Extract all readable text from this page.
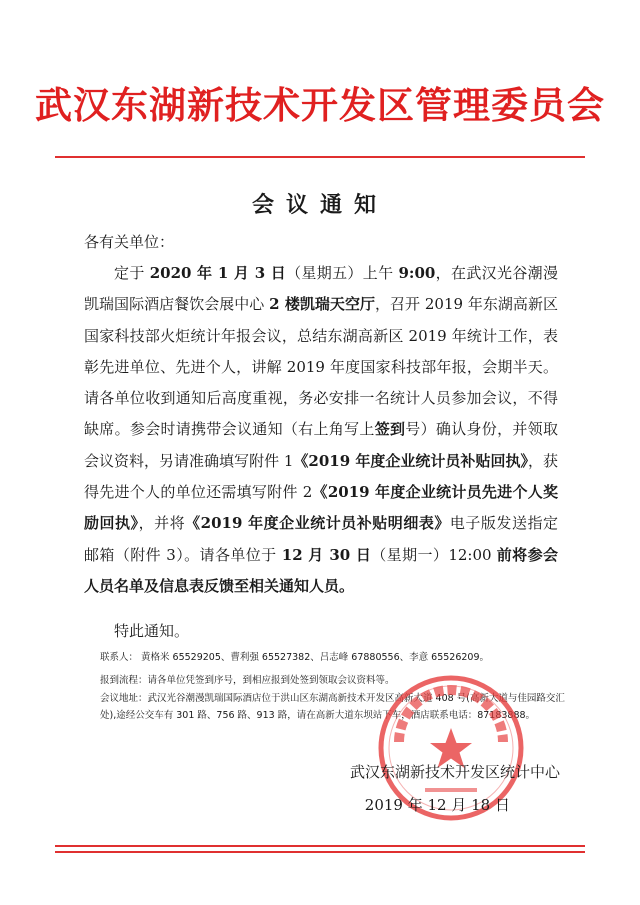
武汉东湖新技术开发区管理委员会
会议通知
各有关单位：
定于 2020 年 1 月 3 日（星期五）上午 9:00，在武汉光谷潮漫凯瑞国际酒店餐饮会展中心 2 楼凯瑞天空厅，召开 2019 年东湖高新区国家科技部火炬统计年报会议，总结东湖高新区 2019 年统计工作，表彰先进单位、先进个人，讲解 2019 年度国家科技部年报，会期半天。请各单位收到通知后高度重视，务必安排一名统计人员参加会议，不得缺席。参会时请携带会议通知（右上角写上签到号）确认身份，并领取会议资料，另请准确填写附件 1《2019 年度企业统计员补贴回执》，获得先进个人的单位还需填写附件 2《2019 年度企业统计员先进个人奖励回执》，并将《2019 年度企业统计员补贴明细表》电子版发送指定邮箱（附件 3）。请各单位于 12 月 30 日（星期一）12:00 前将参会人员名单及信息表反馈至相关通知人员。
特此通知。
联系人： 黄格米 65529205、曹利强 65527382、吕志峰 67880556、李意 65526209。
报到流程：请各单位凭签到序号，到相应报到处签到领取会议资料等。
会议地址：武汉光谷潮漫凯瑞国际酒店位于洪山区东湖高新技术开发区高新大道 408 号(高新大道与佳园路交汇处),途经公交车有 301 路、756 路、913 路，请在高新大道东坝站下车，酒店联系电话：87183888。
武汉东湖新技术开发区统计中心
2019 年 12 月 18 日
